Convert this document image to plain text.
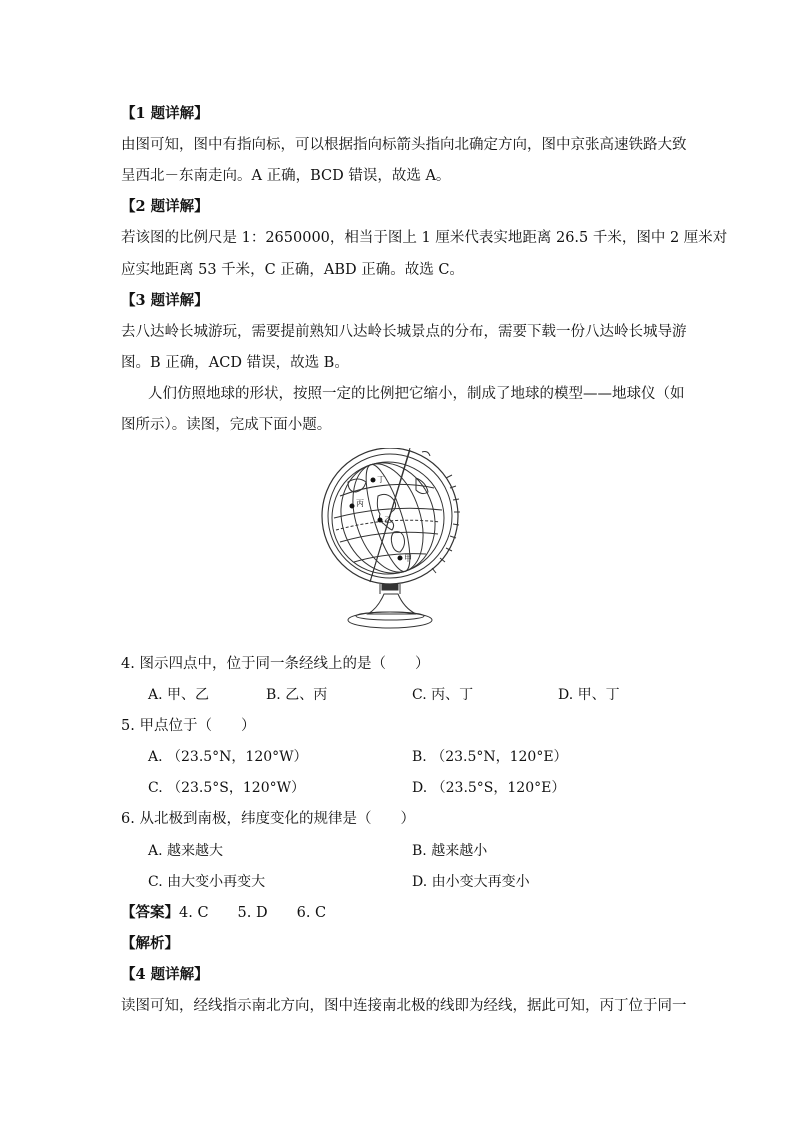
【1 题详解】
由图可知，图中有指向标，可以根据指向标箭头指向北确定方向，图中京张高速铁路大致
呈西北－东南走向。A 正确，BCD 错误，故选 A。
【2 题详解】
若该图的比例尺是 1：2650000，相当于图上 1 厘米代表实地距离 26.5 千米，图中 2 厘米对
应实地距离 53 千米，C 正确，ABD 正确。故选 C。
【3 题详解】
去八达岭长城游玩，需要提前熟知八达岭长城景点的分布，需要下载一份八达岭长城导游
图。B 正确，ACD 错误，故选 B。
人们仿照地球的形状，按照一定的比例把它缩小，制成了地球的模型——地球仪（如
图所示）。读图，完成下面小题。
丁
丙
乙
甲
4. 图示四点中，位于同一条经线上的是（　　）
A. 甲、乙	B. 乙、丙	C. 丙、丁	D. 甲、丁
5. 甲点位于（　　）
A. （23.5°N，120°W）	B. （23.5°N，120°E）
C. （23.5°S，120°W）	D. （23.5°S，120°E）
6. 从北极到南极，纬度变化的规律是（　　）
A. 越来越大	B. 越来越小
C. 由大变小再变大	D. 由小变大再变小
【答案】4. C　　5. D　　6. C
【解析】
【4 题详解】
读图可知，经线指示南北方向，图中连接南北极的线即为经线，据此可知，丙丁位于同一
